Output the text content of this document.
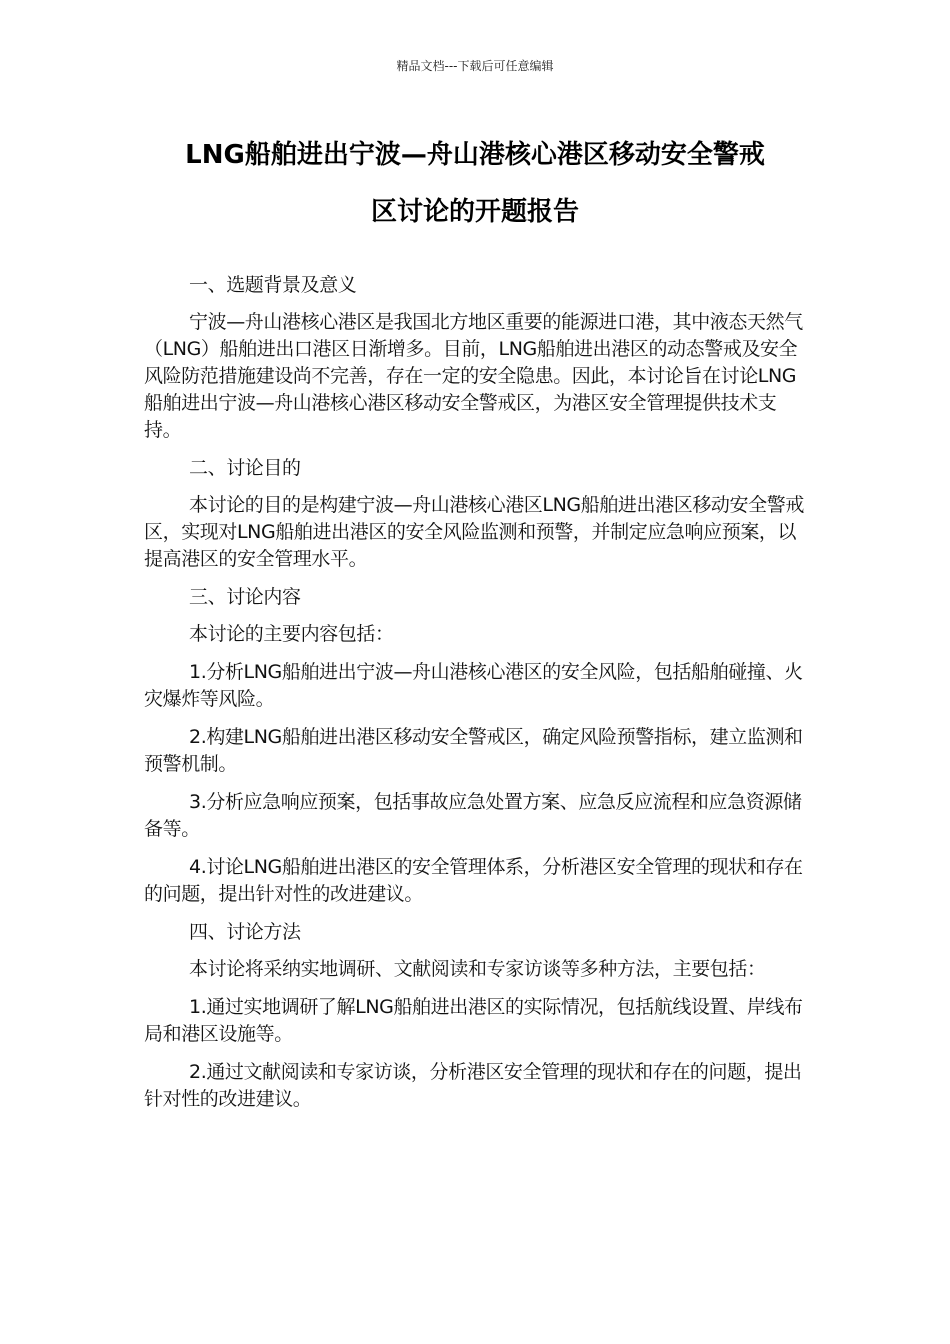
精品文档---下载后可任意编辑
LNG船舶进出宁波—舟山港核心港区移动安全警戒
区讨论的开题报告

一、选题背景及意义

宁波—舟山港核心港区是我国北方地区重要的能源进口港，其中液态天然气（LNG）船舶进出口港区日渐增多。目前，LNG船舶进出港区的动态警戒及安全风险防范措施建设尚不完善，存在一定的安全隐患。因此，本讨论旨在讨论LNG船舶进出宁波—舟山港核心港区移动安全警戒区，为港区安全管理提供技术支持。

二、讨论目的

本讨论的目的是构建宁波—舟山港核心港区LNG船舶进出港区移动安全警戒区，实现对LNG船舶进出港区的安全风险监测和预警，并制定应急响应预案，以提高港区的安全管理水平。

三、讨论内容

本讨论的主要内容包括：

1.分析LNG船舶进出宁波—舟山港核心港区的安全风险，包括船舶碰撞、火灾爆炸等风险。

2.构建LNG船舶进出港区移动安全警戒区，确定风险预警指标，建立监测和预警机制。

3.分析应急响应预案，包括事故应急处置方案、应急反应流程和应急资源储备等。

4.讨论LNG船舶进出港区的安全管理体系，分析港区安全管理的现状和存在的问题，提出针对性的改进建议。

四、讨论方法

本讨论将采纳实地调研、文献阅读和专家访谈等多种方法，主要包括：

1.通过实地调研了解LNG船舶进出港区的实际情况，包括航线设置、岸线布局和港区设施等。

2.通过文献阅读和专家访谈，分析港区安全管理的现状和存在的问题，提出针对性的改进建议。
